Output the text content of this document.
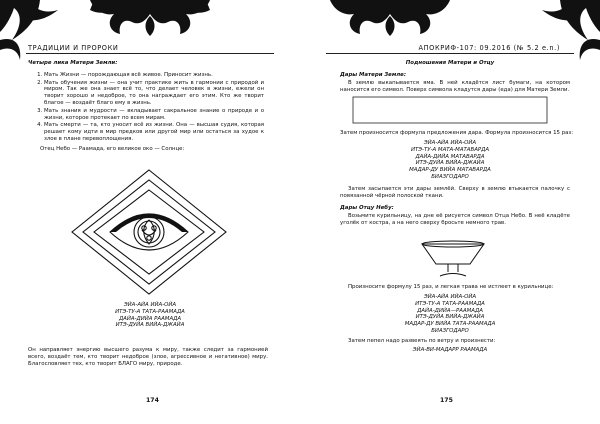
ТРАДИЦИИ И ПРОРОКИ
Четыре лика Матери Земли:
1. Мать Жизни — порождающая всё живое. Приносит жизнь.
2. Мать обучения жизни — она учит практике жить в гармонии с природой и миром. Так же она знает всё то, что делает человек в жизни, ежели он творит хорошо и недоброе, то она награждает его этим. Кто же творит благое — воздаёт благо ему в жизнь.
3. Мать знания и мудрости — вкладывает сакральное знание о природе и о жизни, которое протекает по всем мирам.
4. Мать смерти — та, кто уносит всё из жизни. Она — высшая судия, которая решает кому идти в мир предков или другой мир или остаться за худое к злое в плане перевоплощения.
Отец Небо — Раамада, его великое око — Солнце:
ЭЙА-АЙА ИЙА-ОЙА
ИТЭ-ТУ-А ТАТА-РААМАДА
ДАЙА-ДИЙА РААМАДА
ИТЭ-ДУЙА ВИЙА-ДЖАЙА
Он направляет энергию высшего разума к миру, также следит за гармонией всего, воздаёт тем, кто творит недоброе (злое, агрессивное и негативное) миру. Благословляет тех, кто творит БЛАГО миру, природе.
174
АПОКРИФ-107: 09.2016 (№ 5.2 e.n.)
Подношения Матери и Отцу
Дары Матери Земле:
В землю выкапывается яма. В ней кладётся лист бумаги, на котором наносится его символ. Поверх символа кладутся дары (еда) для Матери Земли.
Затем произносится формула предложения дара. Формула произносится 15 раз:
ЭЙА-АЙА ИЙА-ОЙА
ИТЭ-ТУ-А МАТА-МАТАВАРДА
ДАЙА-ДИЙА МАТАВАРДА
ИТЭ-ДУЙА ВИЙА-ДЖАЙА
МАДАР-ДУ ВИЙА МАТАВАРДА
БИАЗГОДАРО
Затем засыпается эти дары землёй. Сверху в землю втыкается палочку с повязанной чёрной полоской ткани.
Дары Отцу Небу:
Возьмите курильницу, на дне её рисуется символ Отца Небо. В неё кладёте уголёк от костра, а на него сверху бросьте немного трав.
Произносите формулу 15 раз, и легкая трава не истлеет в курильнице:
ЭЙА-АЙА ИЙА-ОЙА
ИТЭ-ТУ-А ТАТА-РААМАДА
ДАЙА-ДИЙА—РААМАДА
ИТЭ-ДУЙА ВИЙА-ДЖАЙА
МАДАР-ДУ ВИЙА ТАТА-РААМАДА
БИАЗГОДАРО
Затем пепел надо развеять по ветру и произнести:
ЭЙА-ВИ-МАДАРР РААМАДА
175
